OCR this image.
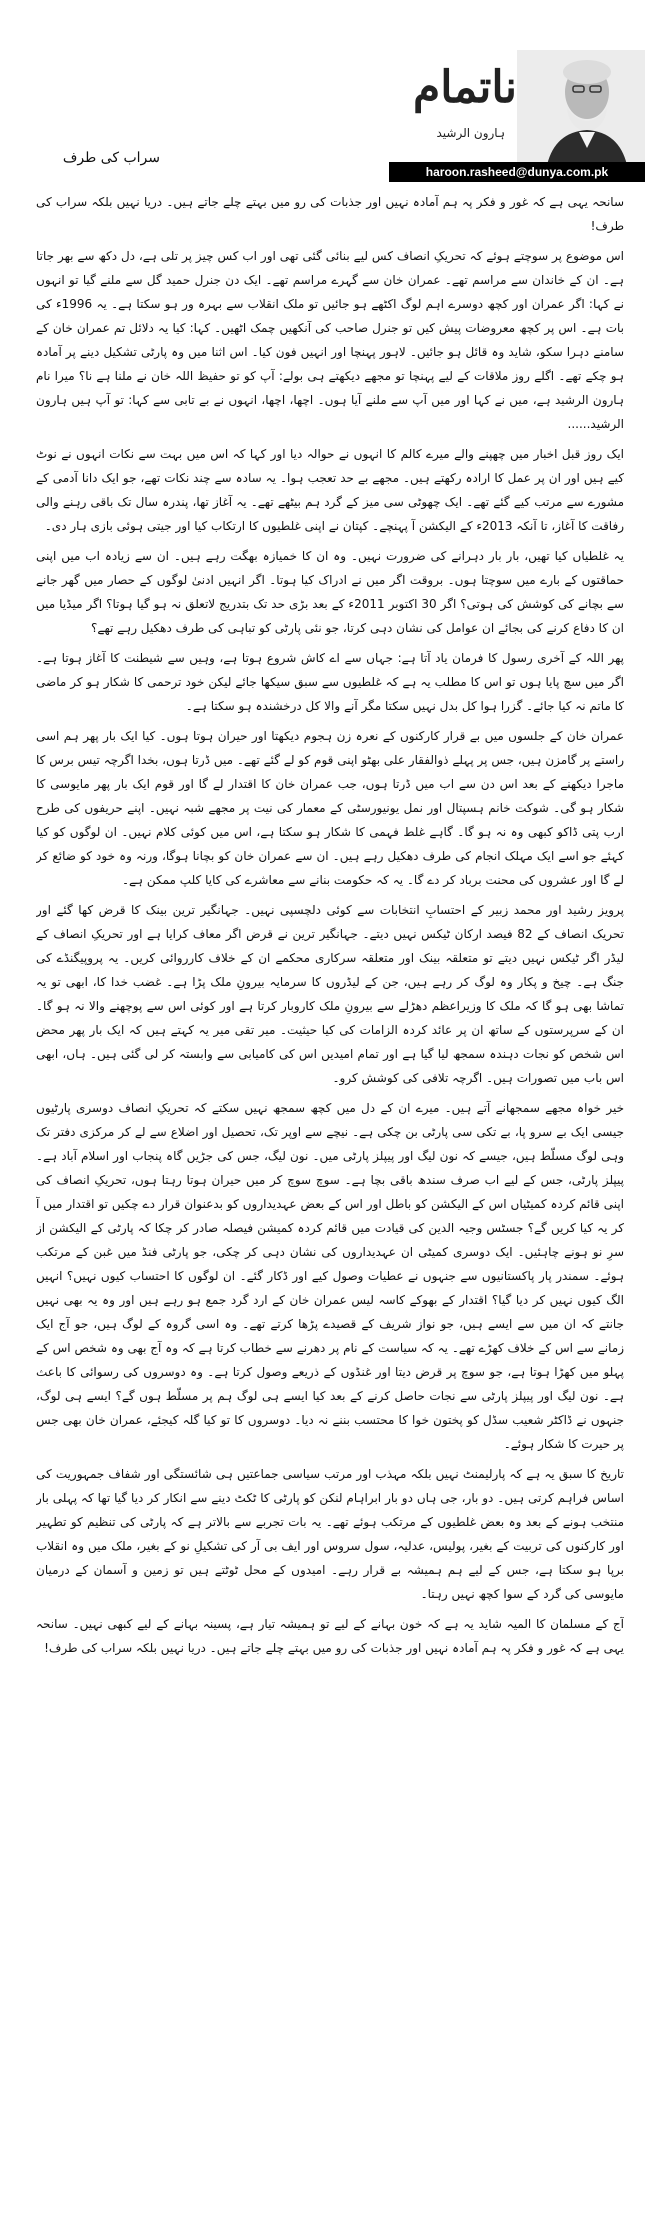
ناتمام
ہارون الرشید
haroon.rasheed@dunya.com.pk
سراب کی طرف

سانحہ یہی ہے کہ غور و فکر پہ ہم آمادہ نہیں اور جذبات کی رو میں بہتے چلے جاتے ہیں۔ دریا نہیں بلکہ سراب کی طرف!

اس موضوع پر سوچتے ہوئے کہ تحریکِ انصاف کس لیے بنائی گئی تھی اور اب کس چیز پر تلی ہے، دل دکھ سے بھر جاتا ہے۔ ان کے خاندان سے مراسم تھے۔ عمران خان سے گہرے مراسم تھے۔ ایک دن جنرل حمید گل سے ملنے گیا تو انہوں نے کہا: اگر عمران اور کچھ دوسرے اہم لوگ اکٹھے ہو جائیں تو ملک انقلاب سے بہرہ ور ہو سکتا ہے۔ یہ 1996ء کی بات ہے۔ اس پر کچھ معروضات پیش کیں تو جنرل صاحب کی آنکھیں چمک اٹھیں۔ کہا: کیا یہ دلائل تم عمران خان کے سامنے دہرا سکو، شاید وہ قائل ہو جائیں۔ لاہور پہنچا اور انہیں فون کیا۔ اس اثنا میں وہ پارٹی تشکیل دینے پر آمادہ ہو چکے تھے۔ اگلے روز ملاقات کے لیے پہنچا تو مجھے دیکھتے ہی بولے: آپ کو تو حفیظ اللہ خان نے ملنا ہے نا؟ میرا نام ہارون الرشید ہے، میں نے کہا اور میں آپ سے ملنے آیا ہوں۔ اچھا، اچھا، انہوں نے بے تابی سے کہا: تو آپ ہیں ہارون الرشید......

ایک روز قبل اخبار میں چھپنے والے میرے کالم کا انہوں نے حوالہ دیا اور کہا کہ اس میں بہت سے نکات انہوں نے نوٹ کیے ہیں اور ان پر عمل کا ارادہ رکھتے ہیں۔ مجھے بے حد تعجب ہوا۔ یہ سادہ سے چند نکات تھے، جو ایک دانا آدمی کے مشورے سے مرتب کیے گئے تھے۔ ایک چھوٹی سی میز کے گرد ہم بیٹھے تھے۔ یہ آغاز تھا، پندرہ سال تک باقی رہنے والی رفاقت کا آغاز، تا آنکہ 2013ء کے الیکشن آ پہنچے۔ کپتان نے اپنی غلطیوں کا ارتکاب کیا اور جیتی ہوئی بازی ہار دی۔

یہ غلطیاں کیا تھیں، بار بار دہرانے کی ضرورت نہیں۔ وہ ان کا خمیازہ بھگت رہے ہیں۔ ان سے زیادہ اب میں اپنی حماقتوں کے بارے میں سوچتا ہوں۔ بروقت اگر میں نے ادراک کیا ہوتا۔ اگر انہیں ادنیٰ لوگوں کے حصار میں گھر جانے سے بچانے کی کوشش کی ہوتی؟ اگر 30 اکتوبر 2011ء کے بعد بڑی حد تک بتدریج لاتعلق نہ ہو گیا ہوتا؟ اگر میڈیا میں ان کا دفاع کرنے کی بجائے ان عوامل کی نشان دہی کرتا، جو نئی پارٹی کو تباہی کی طرف دھکیل رہے تھے؟

پھر اللہ کے آخری رسول کا فرمان یاد آتا ہے: جہاں سے اے کاش شروع ہوتا ہے، وہیں سے شیطنت کا آغاز ہوتا ہے۔ اگر میں سچ پایا ہوں تو اس کا مطلب یہ ہے کہ غلطیوں سے سبق سیکھا جائے لیکن خود ترحمی کا شکار ہو کر ماضی کا ماتم نہ کیا جائے۔ گزرا ہوا کل بدل نہیں سکتا مگر آنے والا کل درخشندہ ہو سکتا ہے۔

عمران خان کے جلسوں میں بے قرار کارکنوں کے نعرہ زن ہجوم دیکھتا اور حیران ہوتا ہوں۔ کیا ایک بار پھر ہم اسی راستے پر گامزن ہیں، جس پر پہلے ذوالفقار علی بھٹو اپنی قوم کو لے گئے تھے۔ میں ڈرتا ہوں، بخدا اگرچہ تیس برس کا ماجرا دیکھنے کے بعد اس دن سے اب میں ڈرتا ہوں، جب عمران خان کا اقتدار لے گا اور قوم ایک بار پھر مایوسی کا شکار ہو گی۔ شوکت خانم ہسپتال اور نمل یونیورسٹی کے معمار کی نیت پر مجھے شبہ نہیں۔ اپنے حریفوں کی طرح ارب پتی ڈاکو کبھی وہ نہ ہو گا۔ گاہے غلط فہمی کا شکار ہو سکتا ہے، اس میں کوئی کلام نہیں۔ ان لوگوں کو کیا کہئے جو اسے ایک مہلک انجام کی طرف دھکیل رہے ہیں۔ ان سے عمران خان کو بچانا ہوگا، ورنہ وہ خود کو ضائع کر لے گا اور عشروں کی محنت برباد کر دے گا۔ یہ کہ حکومت بنانے سے معاشرے کی کایا کلپ ممکن ہے۔

پرویز رشید اور محمد زبیر کے احتسابِ انتخابات سے کوئی دلچسپی نہیں۔ جہانگیر ترین بینک کا قرض کھا گئے اور تحریک انصاف کے 82 فیصد ارکان ٹیکس نہیں دیتے۔ جہانگیر ترین نے قرض اگر معاف کرایا ہے اور تحریکِ انصاف کے لیڈر اگر ٹیکس نہیں دیتے تو متعلقہ بینک اور متعلقہ سرکاری محکمے ان کے خلاف کارروائی کریں۔ یہ پروپیگنڈے کی جنگ ہے۔ چیخ و پکار وہ لوگ کر رہے ہیں، جن کے لیڈروں کا سرمایہ بیرونِ ملک پڑا ہے۔ غضب خدا کا، ابھی تو یہ تماشا بھی ہو گا کہ ملک کا وزیراعظم دھڑلے سے بیرونِ ملک کاروبار کرتا ہے اور کوئی اس سے پوچھنے والا نہ ہو گا۔ ان کے سرپرستوں کے ساتھ ان پر عائد کردہ الزامات کی کیا حیثیت۔ میر تقی میر یہ کہتے ہیں کہ ایک بار پھر محض اس شخص کو نجات دہندہ سمجھ لیا گیا ہے اور تمام امیدیں اس کی کامیابی سے وابستہ کر لی گئی ہیں۔ ہاں، ابھی اس باب میں تصورات ہیں۔ اگرچہ تلافی کی کوشش کرو۔

خیر خواہ مجھے سمجھانے آتے ہیں۔ میرے ان کے دل میں کچھ سمجھ نہیں سکتے کہ تحریکِ انصاف دوسری پارٹیوں جیسی ایک بے سرو پا، بے تکی سی پارٹی بن چکی ہے۔ نیچے سے اوپر تک، تحصیل اور اضلاع سے لے کر مرکزی دفتر تک وہی لوگ مسلّط ہیں، جیسے کہ نون لیگ اور پیپلز پارٹی میں۔ نون لیگ، جس کی جڑیں گاہ پنجاب اور اسلام آباد ہے۔ پیپلز پارٹی، جس کے لیے اب صرف سندھ باقی بچا ہے۔ سوچ سوچ کر میں حیران ہوتا رہتا ہوں، تحریکِ انصاف کی اپنی قائم کردہ کمیٹیاں اس کے الیکشن کو باطل اور اس کے بعض عہدیداروں کو بدعنوان قرار دے چکیں تو اقتدار میں آ کر یہ کیا کریں گے؟ جسٹس وجیہ الدین کی قیادت میں قائم کردہ کمیشن فیصلہ صادر کر چکا کہ پارٹی کے الیکشن از سرِ نو ہونے چاہئیں۔ ایک دوسری کمیٹی ان عہدیداروں کی نشان دہی کر چکی، جو پارٹی فنڈ میں غبن کے مرتکب ہوئے۔ سمندر پار پاکستانیوں سے جنہوں نے عطیات وصول کیے اور ڈکار گئے۔ ان لوگوں کا احتساب کیوں نہیں؟ انہیں الگ کیوں نہیں کر دیا گیا؟ اقتدار کے بھوکے کاسہ لیس عمران خان کے ارد گرد جمع ہو رہے ہیں اور وہ یہ بھی نہیں جانتے کہ ان میں سے ایسے ہیں، جو نواز شریف کے قصیدے پڑھا کرتے تھے۔ وہ اسی گروہ کے لوگ ہیں، جو آج ایک زمانے سے اس کے خلاف کھڑے تھے۔ یہ کہ سیاست کے نام پر دھرنے سے خطاب کرتا ہے کہ وہ آج بھی وہ شخص اس کے پہلو میں کھڑا ہوتا ہے، جو سوچ پر قرض دیتا اور غنڈوں کے ذریعے وصول کرتا ہے۔ وہ دوسروں کی رسوائی کا باعث ہے۔ نون لیگ اور پیپلز پارٹی سے نجات حاصل کرنے کے بعد کیا ایسے ہی لوگ ہم پر مسلّط ہوں گے؟ ایسے ہی لوگ، جنہوں نے ڈاکٹر شعیب سڈل کو پختون خوا کا محتسب بننے نہ دیا۔ دوسروں کا تو کیا گلہ کیجئے، عمران خان بھی جس پر حیرت کا شکار ہوئے۔

تاریخ کا سبق یہ ہے کہ پارلیمنٹ نہیں بلکہ مہذب اور مرتب سیاسی جماعتیں ہی شائستگی اور شفاف جمہوریت کی اساس فراہم کرتی ہیں۔ دو بار، جی ہاں دو بار ابراہام لنکن کو پارٹی کا ٹکٹ دینے سے انکار کر دیا گیا تھا کہ پہلی بار منتخب ہونے کے بعد وہ بعض غلطیوں کے مرتکب ہوئے تھے۔ یہ بات تجربے سے بالاتر ہے کہ پارٹی کی تنظیم کو تطہیر اور کارکنوں کی تربیت کے بغیر، پولیس، عدلیہ، سول سروس اور ایف بی آر کی تشکیلِ نو کے بغیر، ملک میں وہ انقلاب برپا ہو سکتا ہے، جس کے لیے ہم ہمیشہ بے قرار رہے۔ امیدوں کے محل ٹوٹتے ہیں تو زمین و آسمان کے درمیان مایوسی کی گرد کے سوا کچھ نہیں رہتا۔

آج کے مسلمان کا المیہ شاید یہ ہے کہ خون بہانے کے لیے تو ہمیشہ تیار ہے، پسینہ بہانے کے لیے کبھی نہیں۔ سانحہ یہی ہے کہ غور و فکر پہ ہم آمادہ نہیں اور جذبات کی رو میں بہتے چلے جاتے ہیں۔ دریا نہیں بلکہ سراب کی طرف!
